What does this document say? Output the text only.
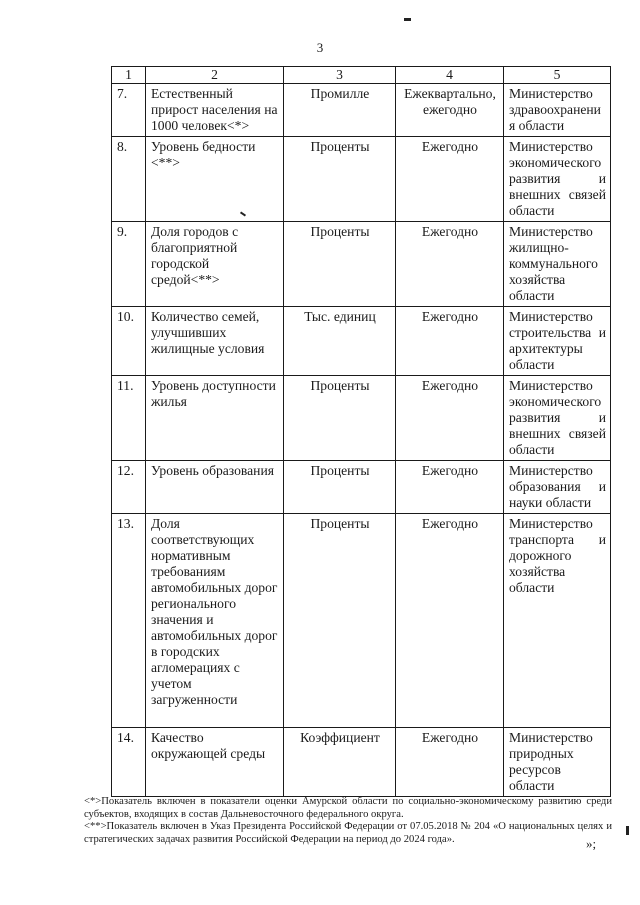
3
1	2	3	4	5
7.	Естественный прирост населения на 1000 человек<*>	Промилле	Ежеквартально, ежегодно	Министерство здравоохранения области
8.	Уровень бедности <**>	Проценты	Ежегодно	Министерство экономического развития и внешних связей области
9.	Доля городов с благоприятной городской средой<**>	Проценты	Ежегодно	Министерство жилищно-коммунального хозяйства области
10.	Количество семей, улучшивших жилищные условия	Тыс. единиц	Ежегодно	Министерство строительства и архитектуры области
11.	Уровень доступности жилья	Проценты	Ежегодно	Министерство экономического развития и внешних связей области
12.	Уровень образования	Проценты	Ежегодно	Министерство образования и науки области
13.	Доля соответствующих нормативным требованиям автомобильных дорог регионального значения и автомобильных дорог в городских агломерациях с учетом загруженности	Проценты	Ежегодно	Министерство транспорта и дорожного хозяйства области
14.	Качество окружающей среды	Коэффициент	Ежегодно	Министерство природных ресурсов области

<*>Показатель включен в показатели оценки Амурской области по социально-экономическому развитию среди субъектов, входящих в состав Дальневосточного федерального округа.

<**>Показатель включен в Указ Президента Российской Федерации от 07.05.2018 № 204 «О национальных целях и стратегических задачах развития Российской Федерации на период до 2024 года».	»;
